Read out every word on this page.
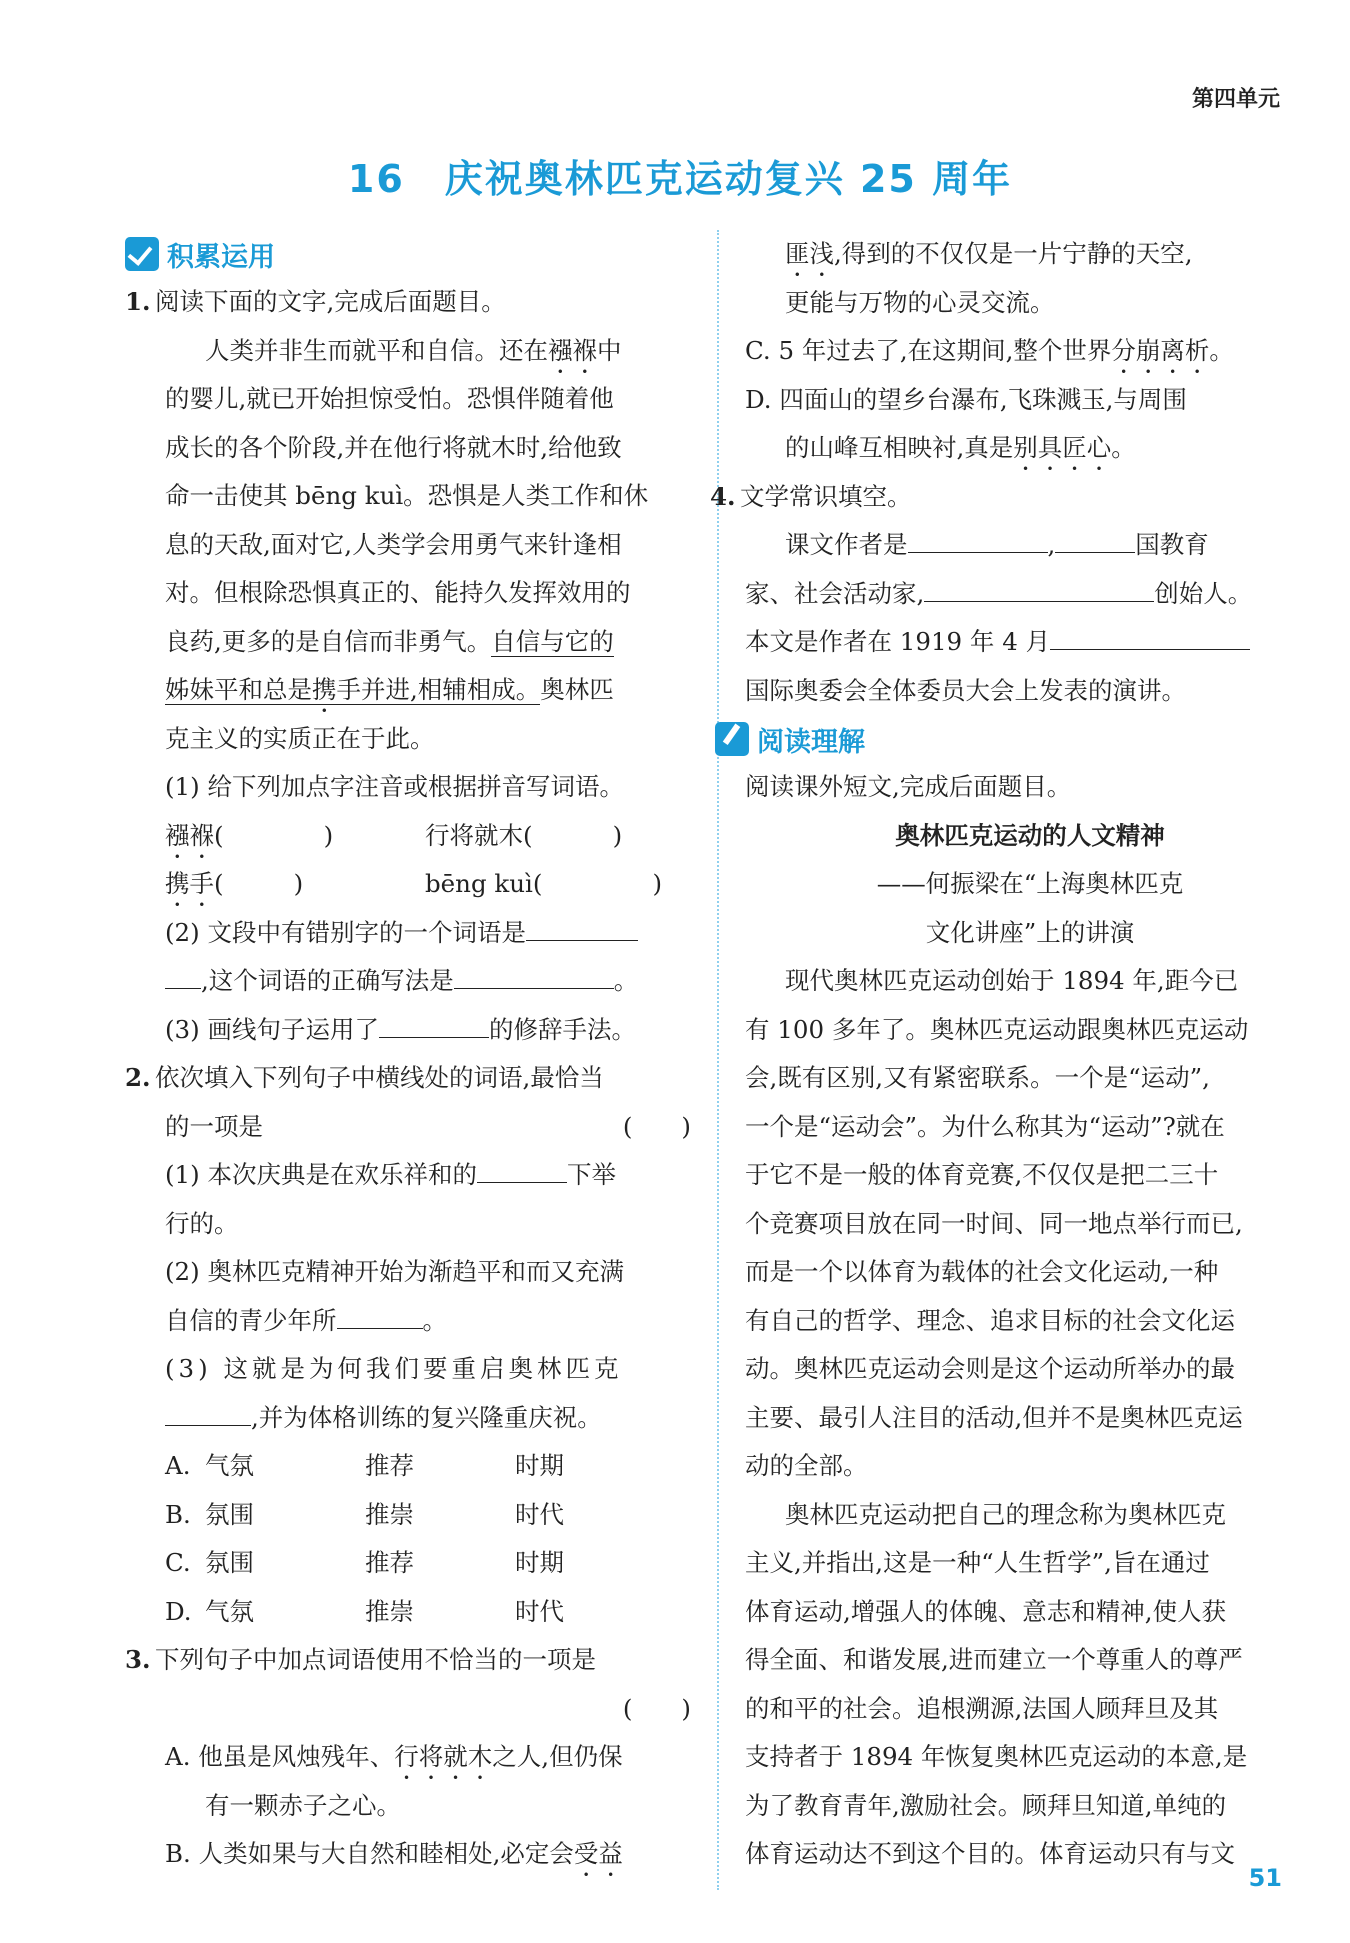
第四单元
16 庆祝奥林匹克运动复兴 25 周年
积累运用
1. 阅读下面的文字,完成后面题目。
人类并非生而就平和自信。还在襁褓中
的婴儿,就已开始担惊受怕。恐惧伴随着他
成长的各个阶段,并在他行将就木时,给他致
命一击使其 bēng kuì。恐惧是人类工作和休
息的天敌,面对它,人类学会用勇气来针逢相
对。但根除恐惧真正的、能持久发挥效用的
良药,更多的是自信而非勇气。自信与它的
姊妹平和总是携手并进,相辅相成。奥林匹
克主义的实质正在于此。
(1) 给下列加点字注音或根据拼音写词语。
襁褓(	)	行将就木(	)
携手(	)	bēng kuì(	)
(2) 文段中有错别字的一个词语是
,这个词语的正确写法是	。
(3) 画线句子运用了	的修辞手法。
2. 依次填入下列句子中横线处的词语,最恰当
的一项是	(　　)
(1) 本次庆典是在欢乐祥和的	下举
行的。
(2) 奥林匹克精神开始为渐趋平和而又充满
自信的青少年所	。
(3) 这就是为何我们要重启奥林匹克
,并为体格训练的复兴隆重庆祝。
A. 气氛	推荐	时期
B. 氛围	推崇	时代
C. 氛围	推荐	时期
D. 气氛	推崇	时代
3. 下列句子中加点词语使用不恰当的一项是
(　　)
A. 他虽是风烛残年、行将就木之人,但仍保
有一颗赤子之心。
B. 人类如果与大自然和睦相处,必定会受益
匪浅,得到的不仅仅是一片宁静的天空,
更能与万物的心灵交流。
C. 5 年过去了,在这期间,整个世界分崩离析。
D. 四面山的望乡台瀑布,飞珠溅玉,与周围
的山峰互相映衬,真是别具匠心。
4. 文学常识填空。
课文作者是	,	国教育
家、社会活动家,	创始人。
本文是作者在 1919 年 4 月
国际奥委会全体委员大会上发表的演讲。
阅读理解
阅读课外短文,完成后面题目。
奥林匹克运动的人文精神
——何振梁在“上海奥林匹克
文化讲座”上的讲演
现代奥林匹克运动创始于 1894 年,距今已
有 100 多年了。奥林匹克运动跟奥林匹克运动
会,既有区别,又有紧密联系。一个是“运动”,
一个是“运动会”。为什么称其为“运动”?就在
于它不是一般的体育竞赛,不仅仅是把二三十
个竞赛项目放在同一时间、同一地点举行而已,
而是一个以体育为载体的社会文化运动,一种
有自己的哲学、理念、追求目标的社会文化运
动。奥林匹克运动会则是这个运动所举办的最
主要、最引人注目的活动,但并不是奥林匹克运
动的全部。
奥林匹克运动把自己的理念称为奥林匹克
主义,并指出,这是一种“人生哲学”,旨在通过
体育运动,增强人的体魄、意志和精神,使人获
得全面、和谐发展,进而建立一个尊重人的尊严
的和平的社会。追根溯源,法国人顾拜旦及其
支持者于 1894 年恢复奥林匹克运动的本意,是
为了教育青年,激励社会。顾拜旦知道,单纯的
体育运动达不到这个目的。体育运动只有与文
51
